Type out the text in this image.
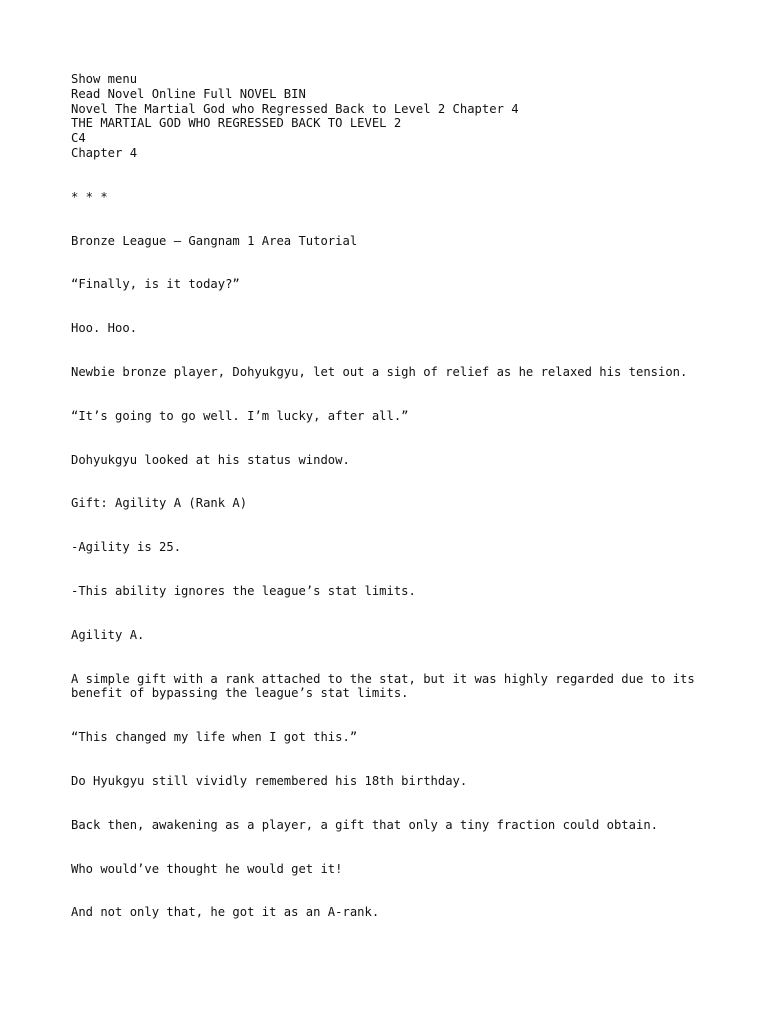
Show menu
Read Novel Online Full NOVEL BIN
Novel The Martial God who Regressed Back to Level 2 Chapter 4
THE MARTIAL GOD WHO REGRESSED BACK TO LEVEL 2
C4
Chapter 4

* * *

Bronze League – Gangnam 1 Area Tutorial

“Finally, is it today?”

Hoo. Hoo.

Newbie bronze player, Dohyukgyu, let out a sigh of relief as he relaxed his tension.

“It’s going to go well. I’m lucky, after all.”

Dohyukgyu looked at his status window.

Gift: Agility A (Rank A)

-Agility is 25.

-This ability ignores the league’s stat limits.

Agility A.

A simple gift with a rank attached to the stat, but it was highly regarded due to its benefit of bypassing the league’s stat limits.

“This changed my life when I got this.”

Do Hyukgyu still vividly remembered his 18th birthday.

Back then, awakening as a player, a gift that only a tiny fraction could obtain.

Who would’ve thought he would get it!

And not only that, he got it as an A-rank.
